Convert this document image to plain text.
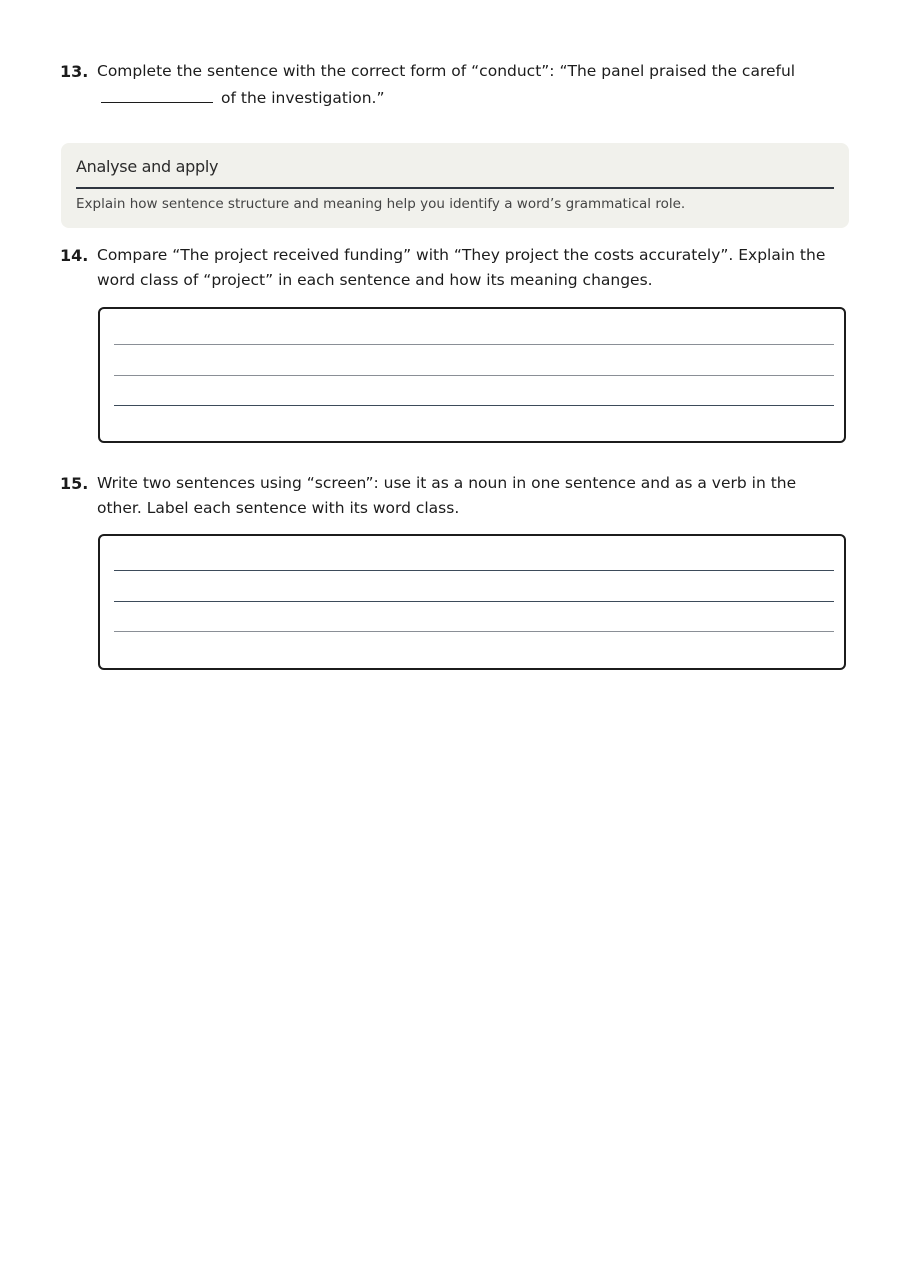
13. Complete the sentence with the correct form of “conduct”: “The panel praised the careful
of the investigation.”
Analyse and apply
Explain how sentence structure and meaning help you identify a word’s grammatical role.
14. Compare “The project received funding” with “They project the costs accurately”. Explain the word class of “project” in each sentence and how its meaning changes.
15. Write two sentences using “screen”: use it as a noun in one sentence and as a verb in the other. Label each sentence with its word class.
